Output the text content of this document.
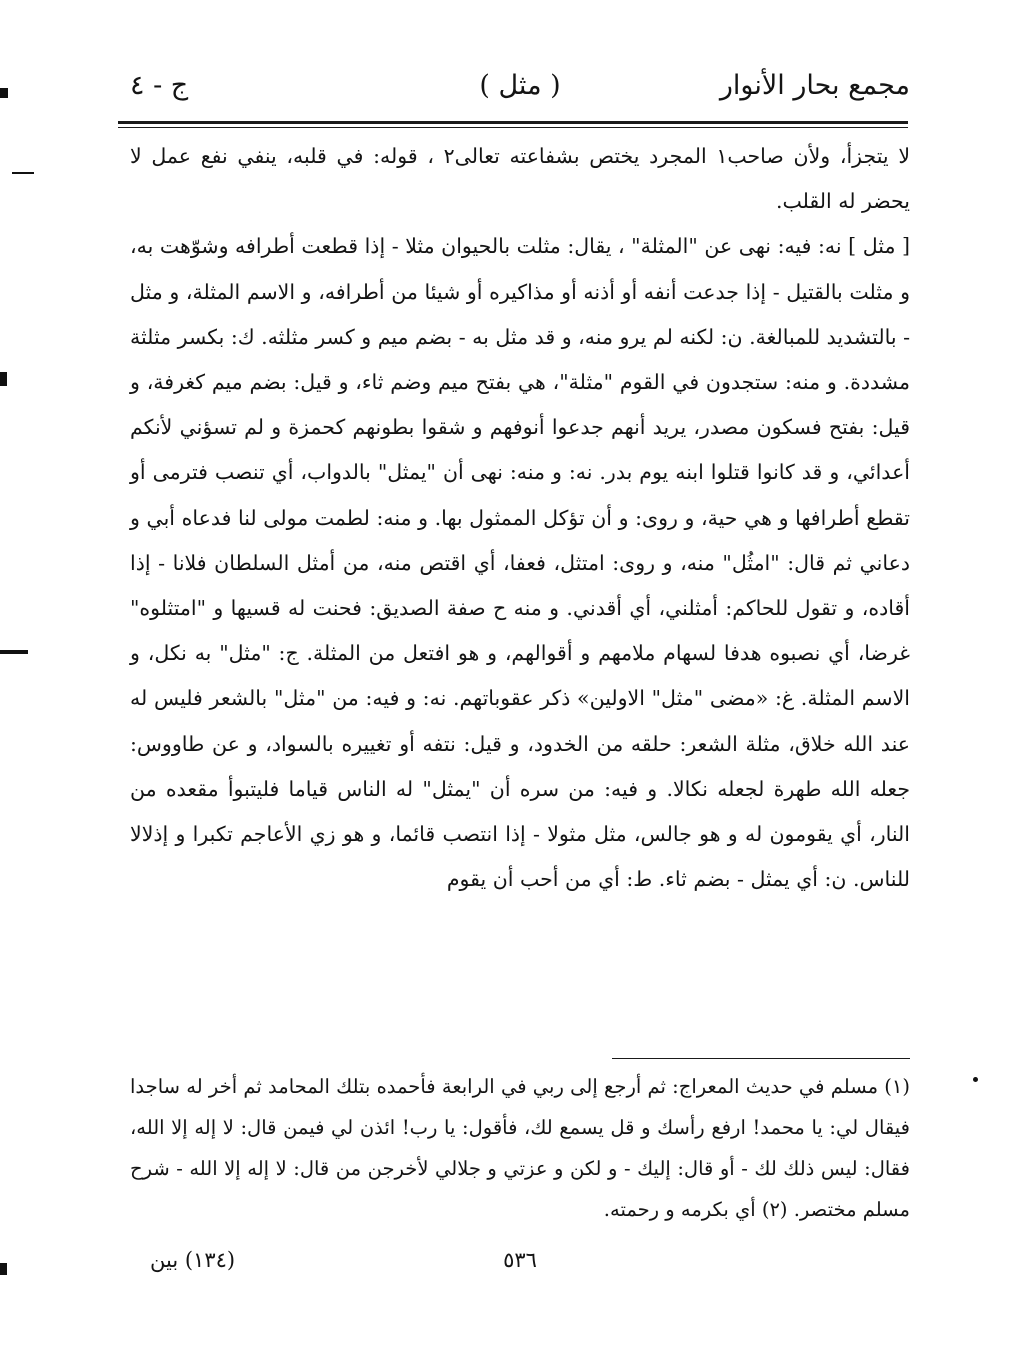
مجمع بحار الأنوار
( مثل )
ج - ٤

لا يتجزأ، ولأن صاحب١ المجرد يختص بشفاعته تعالى٢ ، قوله: في قلبه، ينفي نفع عمل لا يحضر له القلب.

[ مثل ] نه: فيه: نهى عن "المثلة" ، يقال: مثلت بالحيوان مثلا - إذا قطعت أطرافه وشوّهت به، و مثلت بالقتيل - إذا جدعت أنفه أو أذنه أو مذاكيره أو شيئا من أطرافه، و الاسم المثلة، و مثل - بالتشديد للمبالغة. ن: لكنه لم يرو منه، و قد مثل به - بضم ميم و كسر مثلثه. ك: بكسر مثلثة مشددة. و منه: ستجدون في القوم "مثلة"، هي بفتح ميم وضم ثاء، و قيل: بضم ميم كغرفة، و قيل: بفتح فسكون مصدر، يريد أنهم جدعوا أنوفهم و شقوا بطونهم كحمزة و لم تسؤني لأنكم أعدائي، و قد كانوا قتلوا ابنه يوم بدر. نه: و منه: نهى أن "يمثل" بالدواب، أي تنصب فترمى أو تقطع أطرافها و هي حية، و روى: و أن تؤكل الممثول بها. و منه: لطمت مولى لنا فدعاه أبي و دعاني ثم قال: "امثُل" منه، و روى: امتثل، فعفا، أي اقتص منه، من أمثل السلطان فلانا - إذا أقاده، و تقول للحاكم: أمثلني، أي أقدني. و منه ح صفة الصديق: فحنت له قسيها و "امتثلوه" غرضا، أي نصبوه هدفا لسهام ملامهم و أقوالهم، و هو افتعل من المثلة. ج: "مثل" به نكل، و الاسم المثلة. غ: «مضى "مثل" الاولين» ذكر عقوباتهم. نه: و فيه: من "مثل" بالشعر فليس له عند الله خلاق، مثلة الشعر: حلقه من الخدود، و قيل: نتفه أو تغييره بالسواد، و عن طاووس: جعله الله طهرة لجعله نكالا. و فيه: من سره أن "يمثل" له الناس قياما فليتبوأ مقعده من النار، أي يقومون له و هو جالس، مثل مثولا - إذا انتصب قائما، و هو زي الأعاجم تكبرا و إذلالا للناس. ن: أي يمثل - بضم ثاء. ط: أي من أحب أن يقوم

(١) مسلم في حديث المعراج: ثم أرجع إلى ربي في الرابعة فأحمده بتلك المحامد ثم أخر له ساجدا فيقال لي: يا محمد! ارفع رأسك و قل يسمع لك، فأقول: يا رب! ائذن لي فيمن قال: لا إله إلا الله، فقال: ليس ذلك لك - أو قال: إليك - و لكن و عزتي و جلالي لأخرجن من قال: لا إله إلا الله - شرح مسلم مختصر. (٢) أي بكرمه و رحمته.

٥٣٦
(١٣٤) بين
